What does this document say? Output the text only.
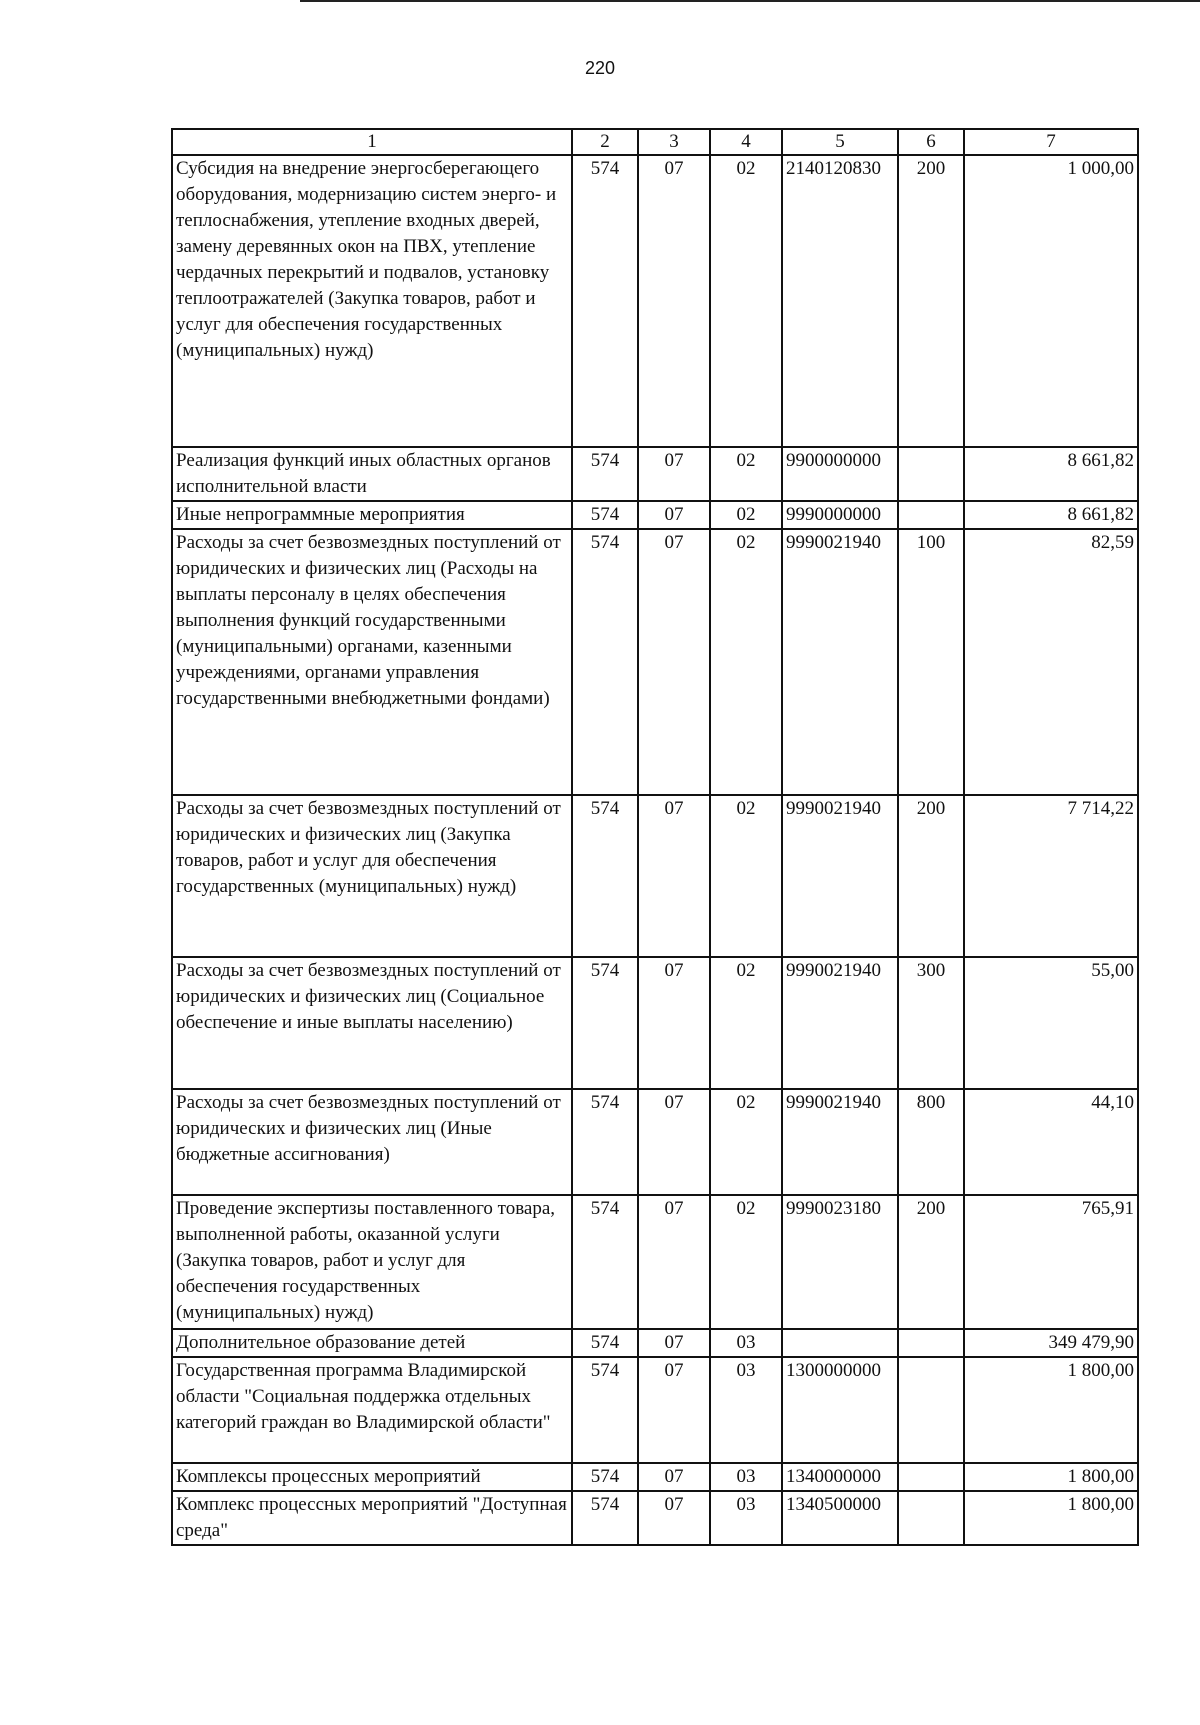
220
1	2	3	4	5	6	7
Субсидия на внедрение энергосберегающего оборудования, модернизацию систем энерго- и теплоснабжения, утепление входных дверей, замену деревянных окон на ПВХ, утепление чердачных перекрытий и подвалов, установку теплоотражателей (Закупка товаров, работ и услуг для обеспечения государственных (муниципальных) нужд)	574	07	02	2140120830	200	1 000,00
Реализация функций иных областных органов исполнительной власти	574	07	02	9900000000		8 661,82
Иные непрограммные мероприятия	574	07	02	9990000000		8 661,82
Расходы за счет безвозмездных поступлений от юридических и физических лиц (Расходы на выплаты персоналу в целях обеспечения выполнения функций государственными (муниципальными) органами, казенными учреждениями, органами управления государственными внебюджетными фондами)	574	07	02	9990021940	100	82,59
Расходы за счет безвозмездных поступлений от юридических и физических лиц (Закупка товаров, работ и услуг для обеспечения государственных (муниципальных) нужд)	574	07	02	9990021940	200	7 714,22
Расходы за счет безвозмездных поступлений от юридических и физических лиц (Социальное обеспечение и иные выплаты населению)	574	07	02	9990021940	300	55,00
Расходы за счет безвозмездных поступлений от юридических и физических лиц (Иные бюджетные ассигнования)	574	07	02	9990021940	800	44,10
Проведение экспертизы поставленного товара, выполненной работы, оказанной услуги (Закупка товаров, работ и услуг для обеспечения государственных (муниципальных) нужд)	574	07	02	9990023180	200	765,91
Дополнительное образование детей	574	07	03			349 479,90
Государственная программа Владимирской области "Социальная поддержка отдельных категорий граждан во Владимирской области"	574	07	03	1300000000		1 800,00
Комплексы процессных мероприятий	574	07	03	1340000000		1 800,00
Комплекс процессных мероприятий "Доступная среда"	574	07	03	1340500000		1 800,00
